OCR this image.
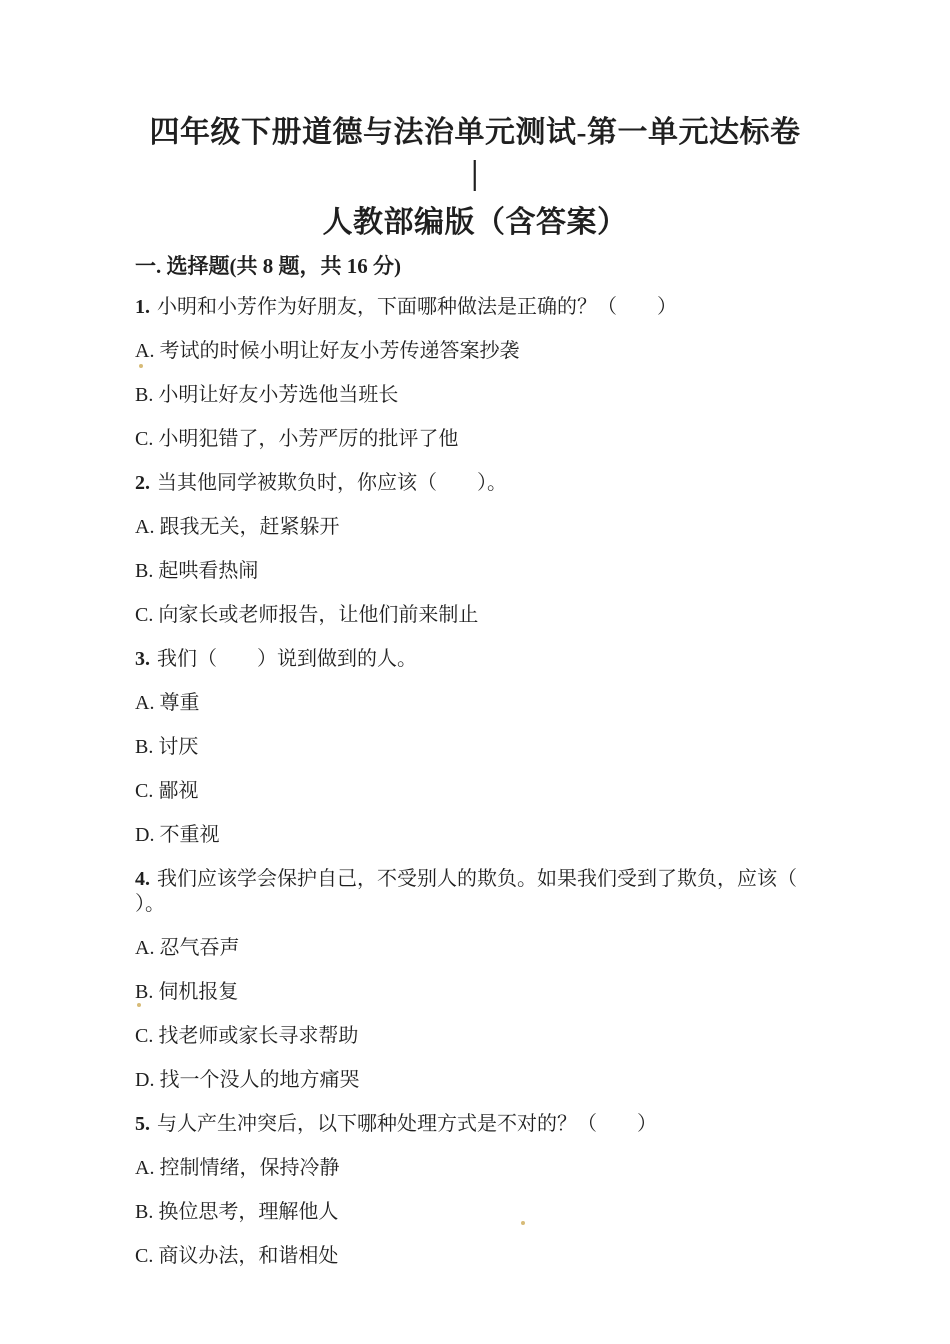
四年级下册道德与法治单元测试-第一单元达标卷｜
人教部编版（含答案）
一. 选择题(共 8 题，共 16 分)

1. 小明和小芳作为好朋友，下面哪种做法是正确的？（　　）

A. 考试的时候小明让好友小芳传递答案抄袭

B. 小明让好友小芳选他当班长

C. 小明犯错了，小芳严厉的批评了他

2. 当其他同学被欺负时，你应该（　　）。

A. 跟我无关，赶紧躲开

B. 起哄看热闹

C. 向家长或老师报告，让他们前来制止

3. 我们（　　）说到做到的人。

A. 尊重

B. 讨厌

C. 鄙视

D. 不重视

4. 我们应该学会保护自己，不受别人的欺负。如果我们受到了欺负，应该（
）。

A. 忍气吞声

B. 伺机报复

C. 找老师或家长寻求帮助

D. 找一个没人的地方痛哭

5. 与人产生冲突后，以下哪种处理方式是不对的？（　　）

A. 控制情绪，保持冷静

B. 换位思考，理解他人

C. 商议办法，和谐相处
